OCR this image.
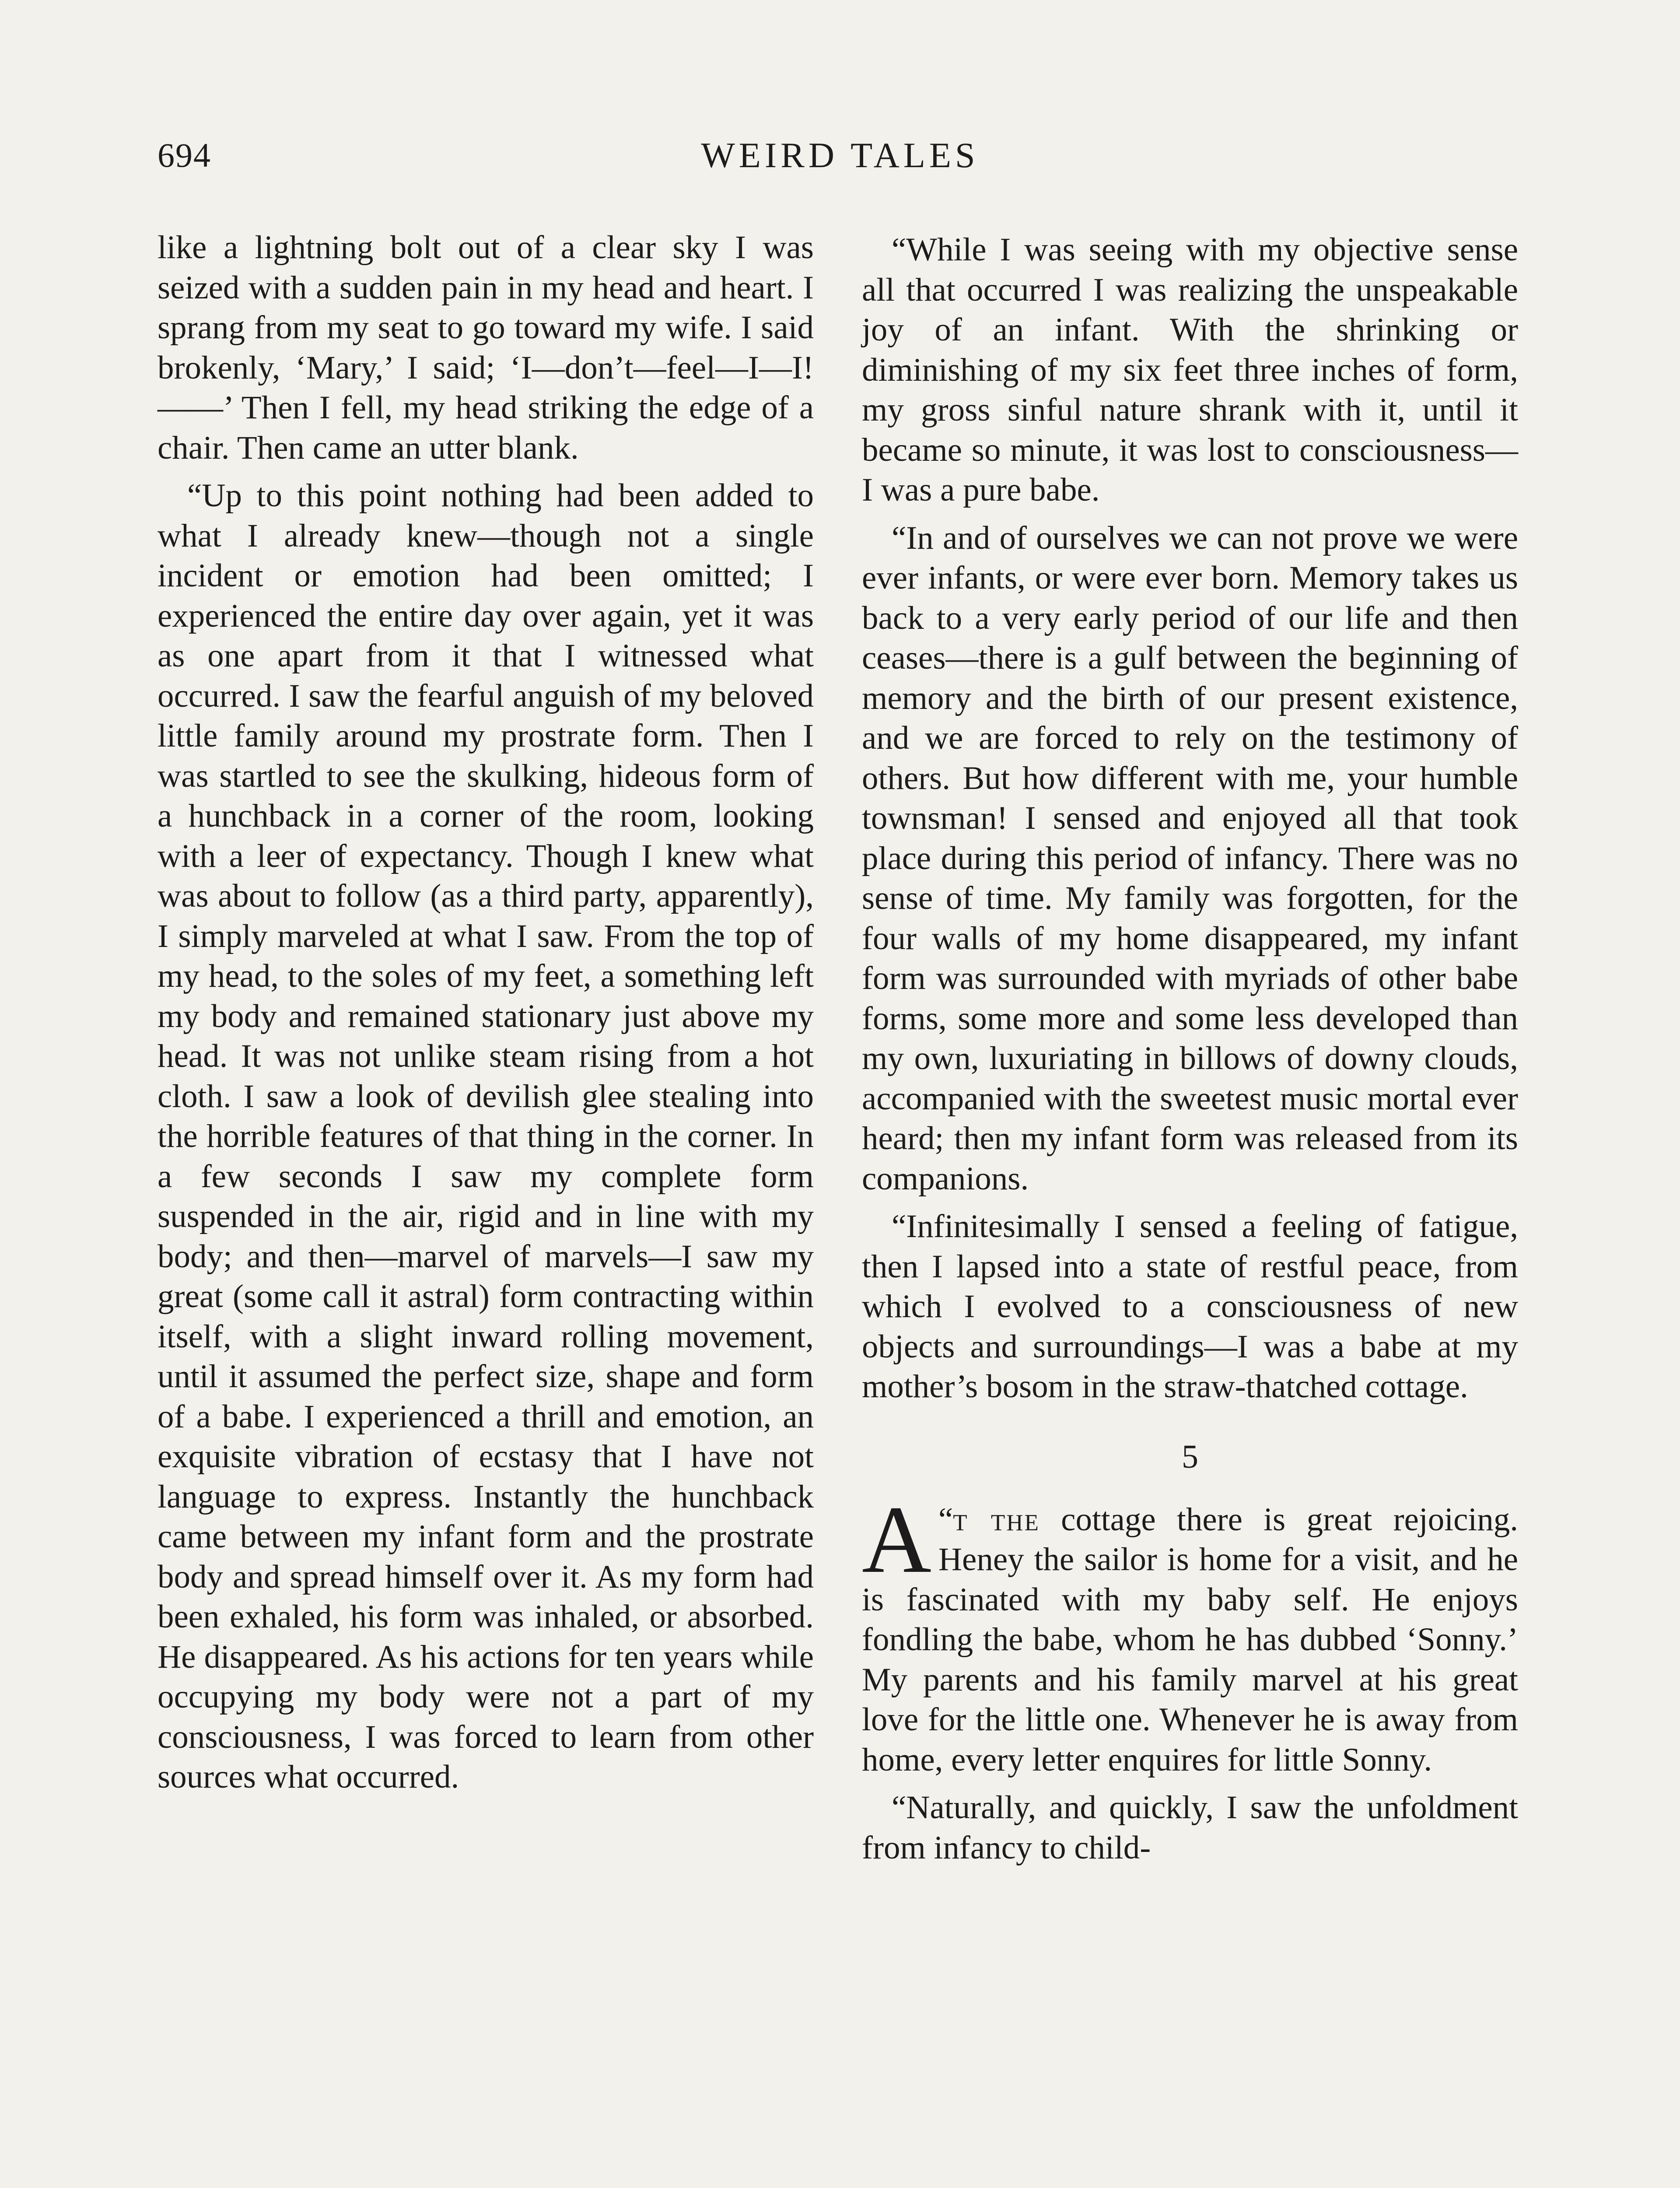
694	WEIRD TALES

like a lightning bolt out of a clear sky I was seized with a sudden pain in my head and heart. I sprang from my seat to go toward my wife. I said brokenly, ‘Mary,’ I said; ‘I—don’t—feel—I—I!——’ Then I fell, my head striking the edge of a chair. Then came an utter blank.

“Up to this point nothing had been added to what I already knew—though not a single incident or emotion had been omitted; I experienced the entire day over again, yet it was as one apart from it that I witnessed what occurred. I saw the fearful anguish of my beloved little family around my prostrate form. Then I was startled to see the skulking, hideous form of a hunchback in a corner of the room, looking with a leer of expectancy. Though I knew what was about to follow (as a third party, apparently), I simply marveled at what I saw. From the top of my head, to the soles of my feet, a something left my body and remained stationary just above my head. It was not unlike steam rising from a hot cloth. I saw a look of devilish glee stealing into the horrible features of that thing in the corner. In a few seconds I saw my complete form suspended in the air, rigid and in line with my body; and then—marvel of marvels—I saw my great (some call it astral) form contracting within itself, with a slight inward rolling movement, until it assumed the perfect size, shape and form of a babe. I experienced a thrill and emotion, an exquisite vibration of ecstasy that I have not language to express. Instantly the hunchback came between my infant form and the prostrate body and spread himself over it. As my form had been exhaled, his form was inhaled, or absorbed. He disappeared. As his actions for ten years while occupying my body were not a part of my consciousness, I was forced to learn from other sources what occurred.

“While I was seeing with my objective sense all that occurred I was realizing the unspeakable joy of an infant. With the shrinking or diminishing of my six feet three inches of form, my gross sinful nature shrank with it, until it became so minute, it was lost to consciousness—I was a pure babe.

“In and of ourselves we can not prove we were ever infants, or were ever born. Memory takes us back to a very early period of our life and then ceases—there is a gulf between the beginning of memory and the birth of our present existence, and we are forced to rely on the testimony of others. But how different with me, your humble townsman! I sensed and enjoyed all that took place during this period of infancy. There was no sense of time. My family was forgotten, for the four walls of my home disappeared, my infant form was surrounded with myriads of other babe forms, some more and some less developed than my own, luxuriating in billows of downy clouds, accompanied with the sweetest music mortal ever heard; then my infant form was released from its companions.

“Infinitesimally I sensed a feeling of fatigue, then I lapsed into a state of restful peace, from which I evolved to a consciousness of new objects and surroundings—I was a babe at my mother’s bosom in the straw-thatched cottage.

5

“
A t the cottage there is great rejoicing. Heney the sailor is home for a visit, and he is fascinated with my baby self. He enjoys fondling the babe, whom he has dubbed ‘Sonny.’ My parents and his family marvel at his great love for the little one. Whenever he is away from home, every letter enquires for little Sonny.

“Naturally, and quickly, I saw the unfoldment from infancy to child-
